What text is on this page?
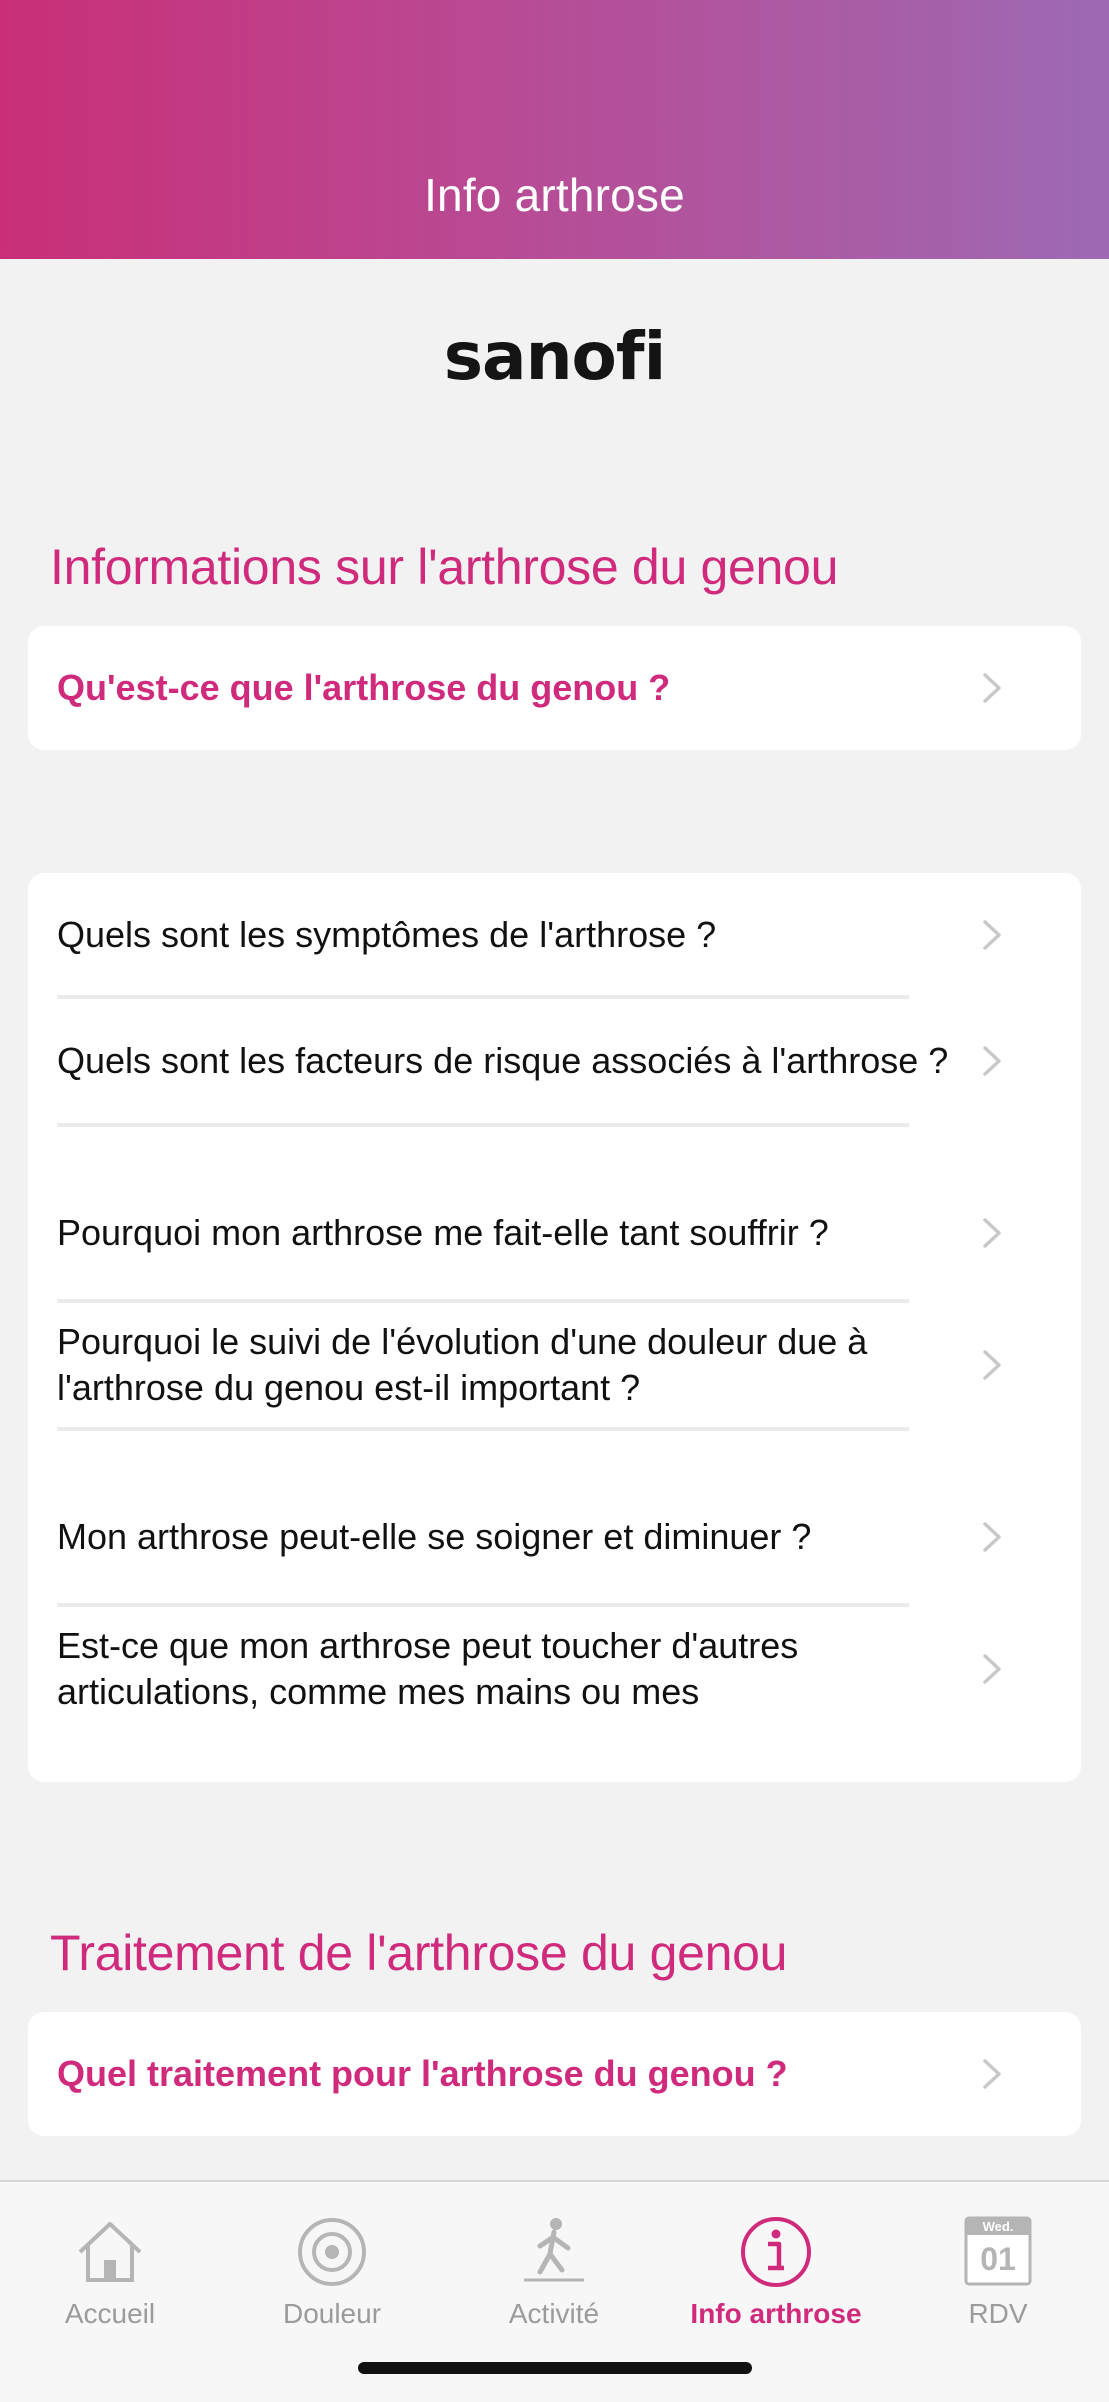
Info arthrose
sanofi
Informations sur l'arthrose du genou
Qu'est-ce que l'arthrose du genou ?
Quels sont les symptômes de l'arthrose ?
Quels sont les facteurs de risque associés à l'arthrose ?
Pourquoi mon arthrose me fait-elle tant souffrir ?
Pourquoi le suivi de l'évolution d'une douleur due à l'arthrose du genou est-il important ?
Mon arthrose peut-elle se soigner et diminuer ?
Est-ce que mon arthrose peut toucher d'autres articulations, comme mes mains ou mes
Traitement de l'arthrose du genou
Quel traitement pour l'arthrose du genou ?
Accueil	Douleur	Activité	Info arthrose
Wed.
01
RDV
